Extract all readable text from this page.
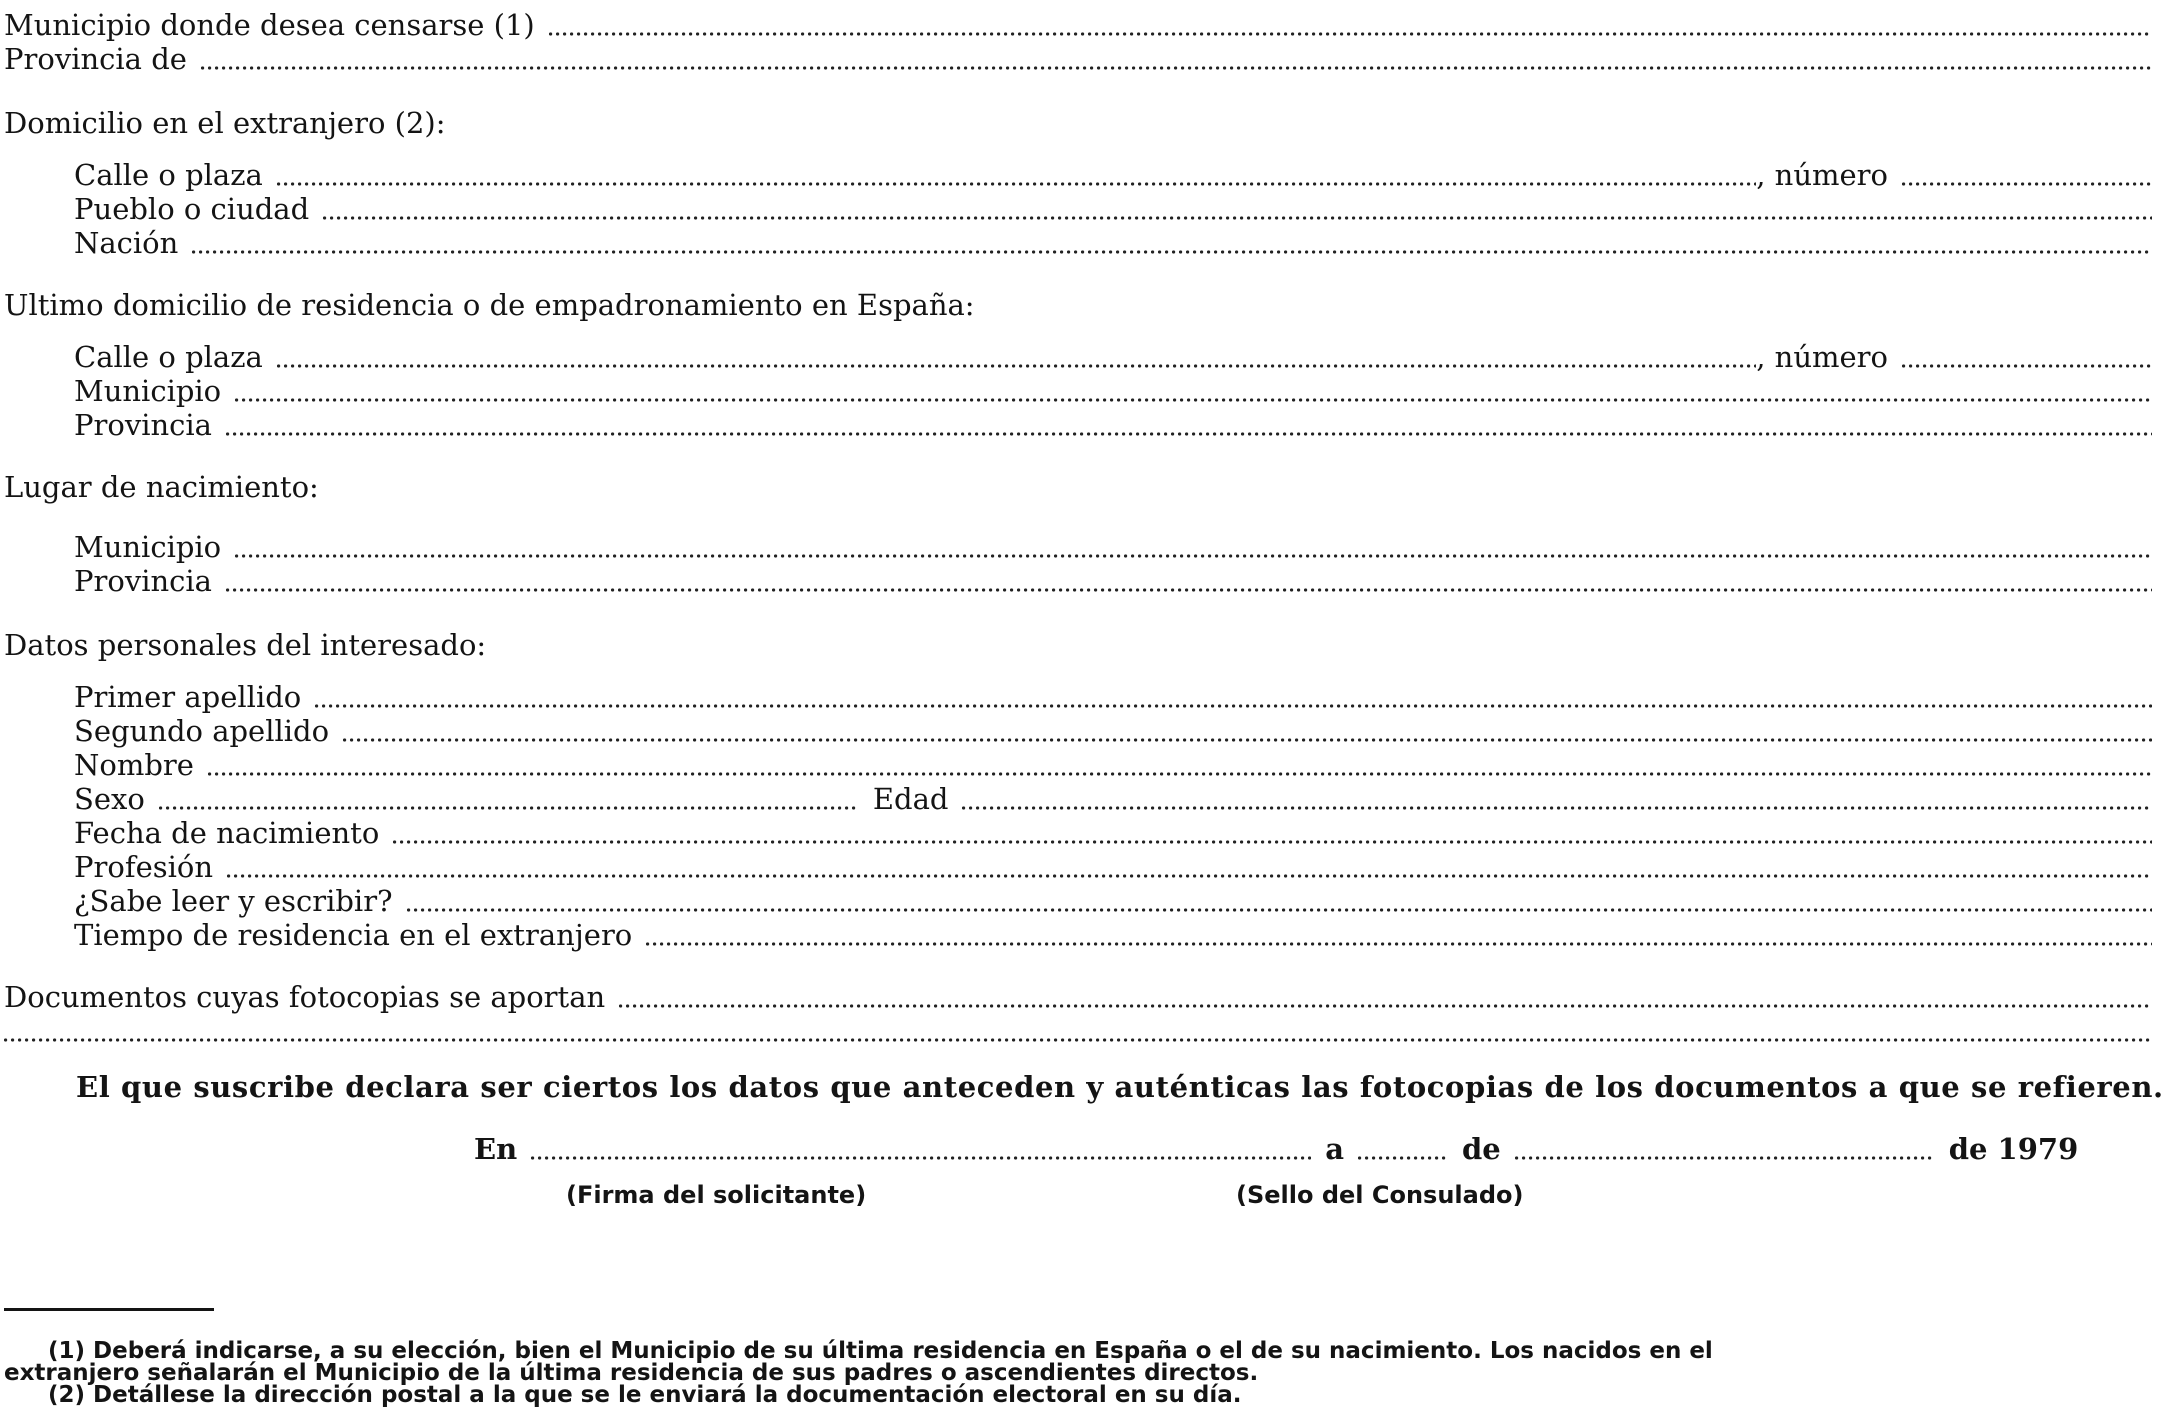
Municipio donde desea censarse (1)
Provincia de
Domicilio en el extranjero (2):
Calle o plaza	, número
Pueblo o ciudad
Nación
Ultimo domicilio de residencia o de empadronamiento en España:
Calle o plaza	, número
Municipio
Provincia
Lugar de nacimiento:
Municipio
Provincia
Datos personales del interesado:
Primer apellido
Segundo apellido
Nombre
Sexo	Edad
Fecha de nacimiento
Profesión
¿Sabe leer y escribir?
Tiempo de residencia en el extranjero
Documentos cuyas fotocopias se aportan
El que suscribe declara ser ciertos los datos que anteceden y auténticas las fotocopias de los documentos a que se refieren.
En	a	de	de 1979
(Firma del solicitante)	(Sello del Consulado)
(1) Deberá indicarse, a su elección, bien el Municipio de su última residencia en España o el de su nacimiento. Los nacidos en el
extranjero señalarán el Municipio de la última residencia de sus padres o ascendientes directos.
(2) Detállese la dirección postal a la que se le enviará la documentación electoral en su día.
